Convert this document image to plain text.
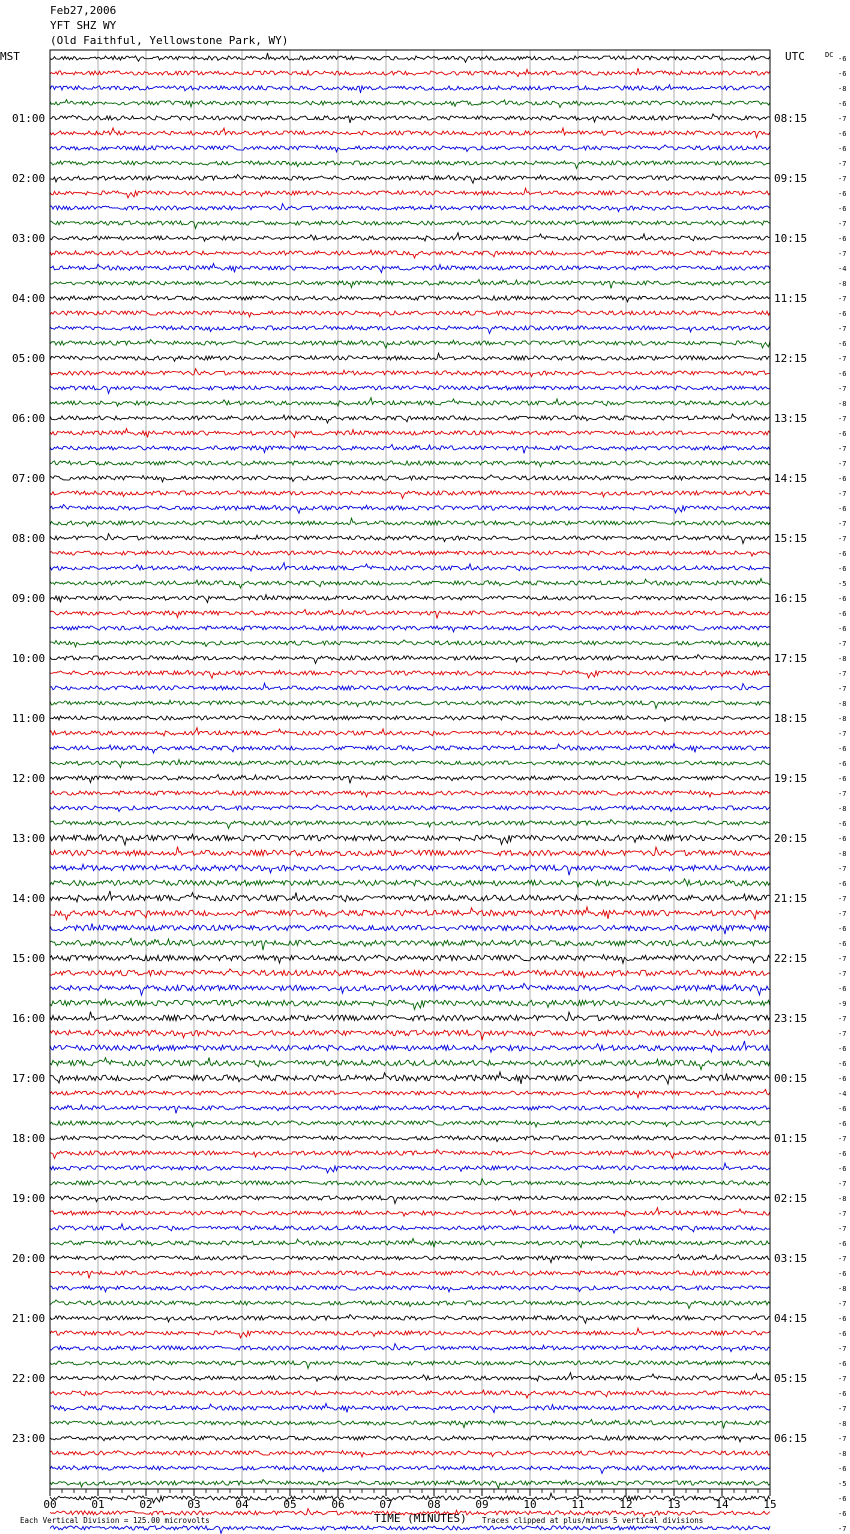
Feb27,2006
YFT SHZ WY
(Old Faithful, Yellowstone Park, WY)
00	01	02	03	04	05	06	07	08	09	10	11	12	13	14	15
-6
-6
-8
-6
-7
-6
-6
-7
-7
-6
-6
-7
-6
-7
-4
-8
-7
-6
-7
-6
-7
-6
-7
-8
-7
-6
-7
-7
-6
-7
-6
-7
-7
-6
-6
-5
-6
-6
-6
-7
-8
-7
-7
-8
-8
-7
-6
-6
-6
-7
-8
-6
-6
-8
-7
-6
-7
-7
-6
-6
-7
-7
-6
-9
-7
-7
-6
-6
-6
-4
-6
-6
-7
-6
-6
-7
-8
-7
-7
-6
-7
-6
-8
-7
-6
-6
-7
-6
-7
-6
-7
-8
-7
-8
-6
-5
-6
-6
-7
01:00
02:00
03:00
04:00
05:00
06:00
07:00
08:00
09:00
10:00
11:00
12:00
13:00
14:00
15:00
16:00
17:00
18:00
19:00
20:00
21:00
22:00
23:00
08:15
09:15
10:15
11:15
12:15
13:15
14:15
15:15
16:15
17:15
18:15
19:15
20:15
21:15
22:15
23:15
00:15
01:15
02:15
03:15
04:15
05:15
06:15
MST	UTC	DC
TIME (MINUTES)
Each Vertical Division = 125.00 microvolts	Traces clipped at plus/minus 5 vertical divisions
